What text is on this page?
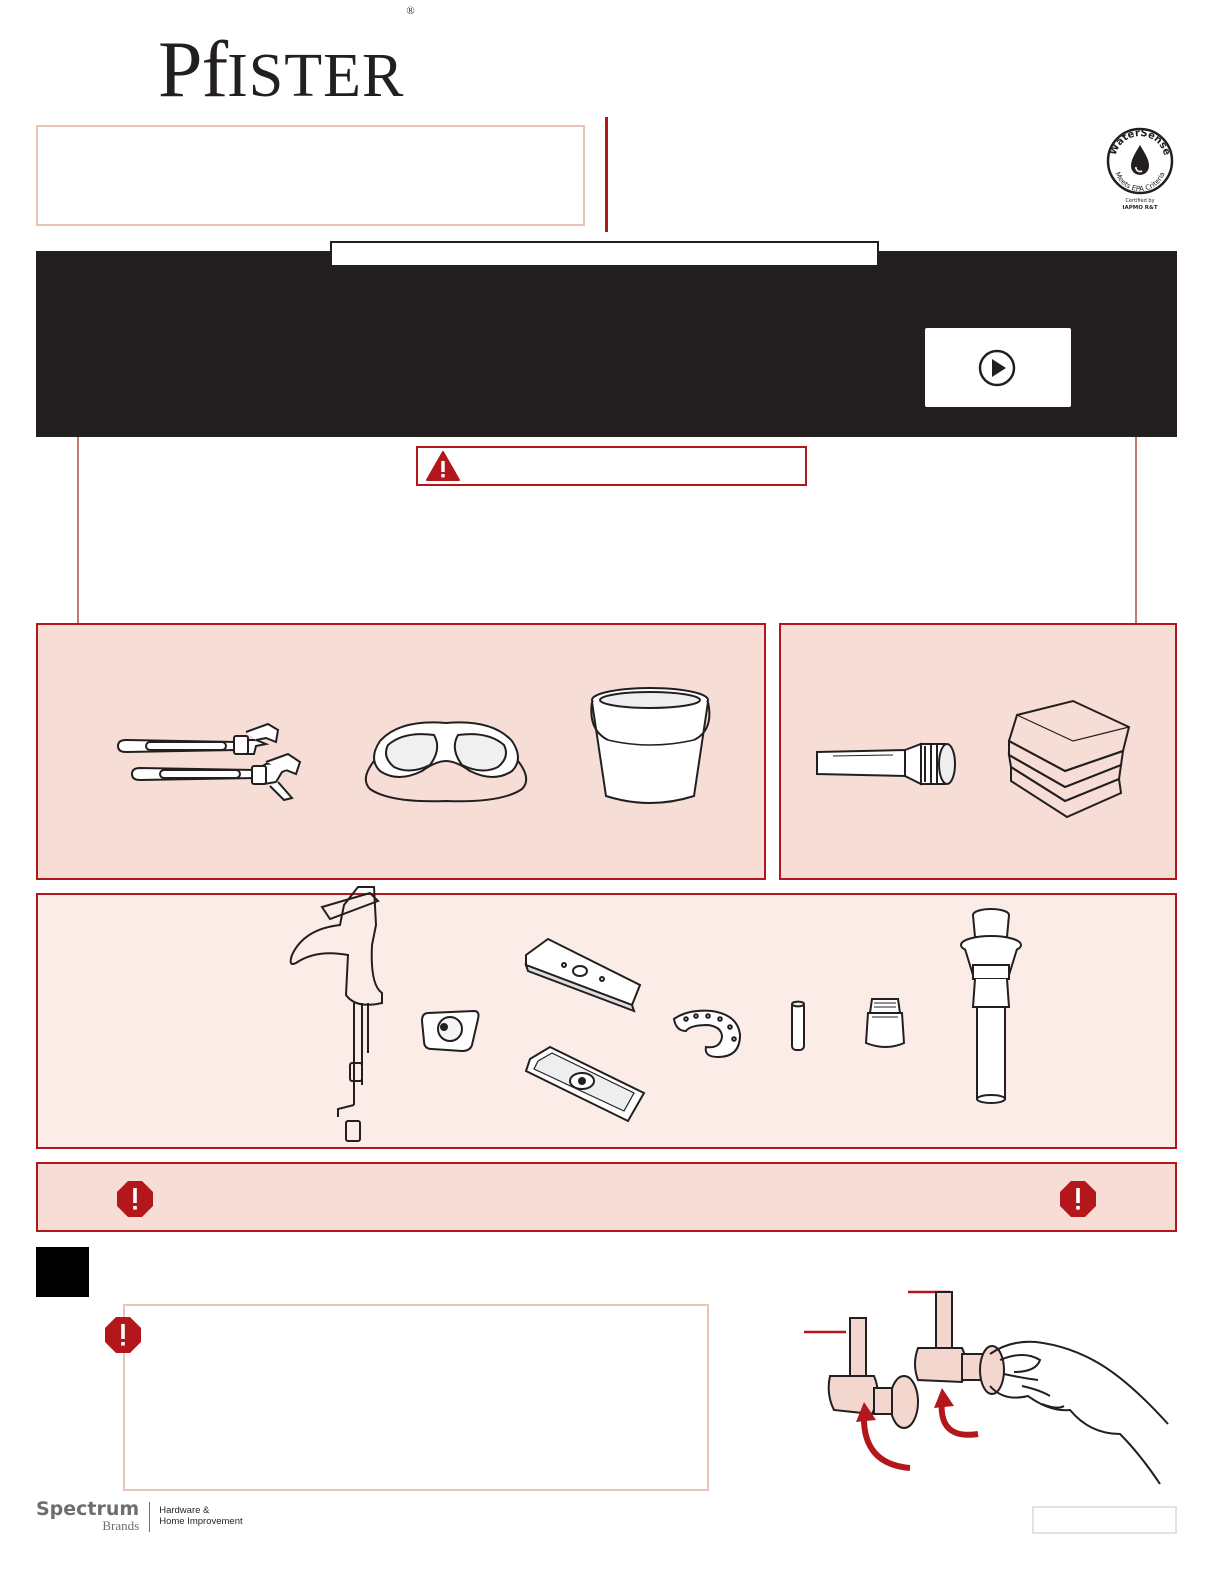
PfISTER®
WaterSense
Meets EPA Criteria
Certified by
IAPMO R&T
Spectrum
Brands
Hardware &
Home Improvement
